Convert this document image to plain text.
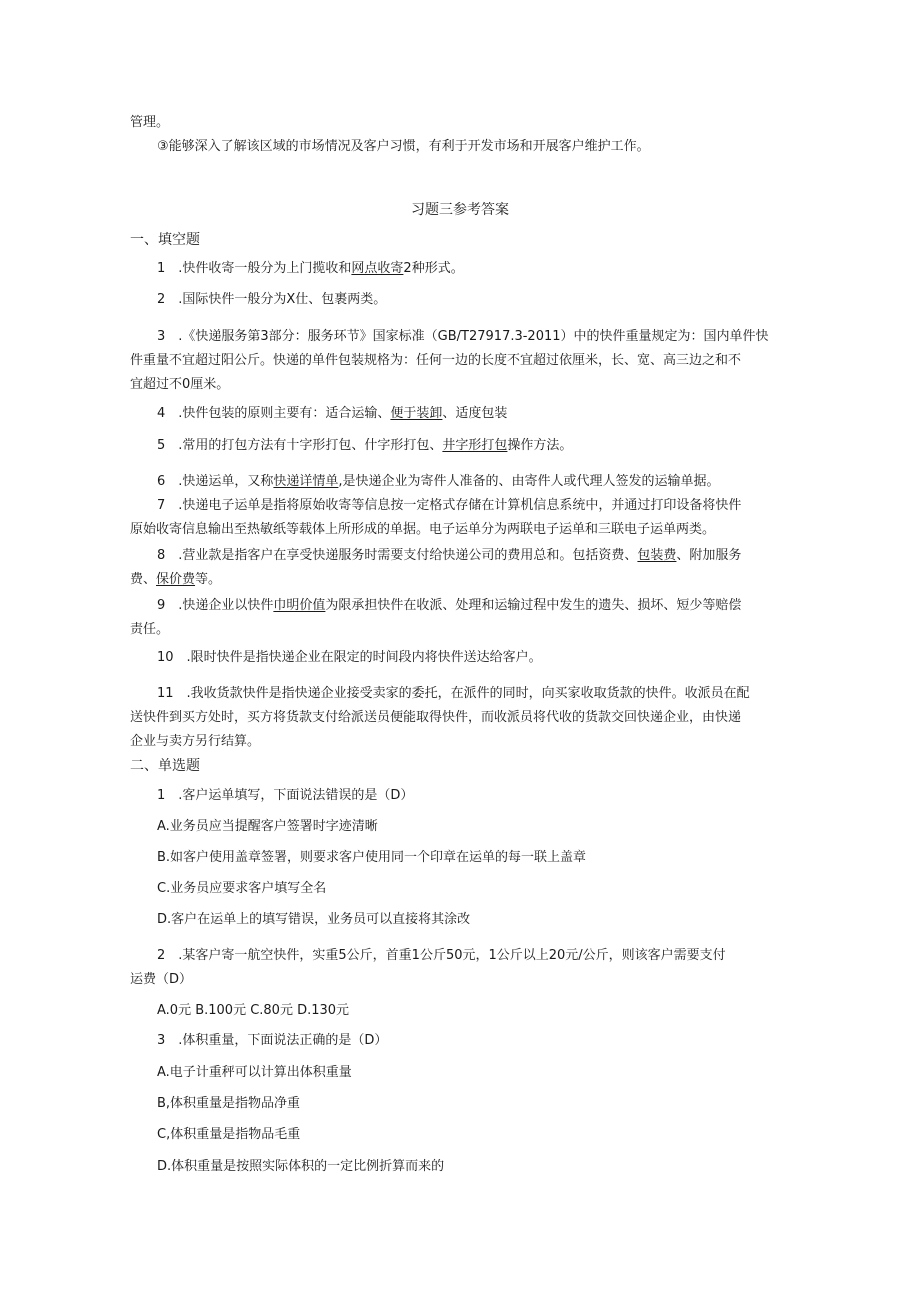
管理。
③能够深入了解该区域的市场情况及客户习惯，有利于开发市场和开展客户维护工作。
习题三参考答案
一、填空题
1　.快件收寄一般分为上门揽收和网点收寄2种形式。
2　.国际快件一般分为X仕、包裹两类。
3　.《快递服务第3部分：服务环节》国家标准（GB/T27917.3-2011）中的快件重量规定为：国内单件快
件重量不宜超过阳公斤。快递的单件包装规格为：任何一边的长度不宜超过依厘米，长、宽、高三边之和不
宜超过不0厘米。
4　.快件包装的原则主要有：适合运输、便于装卸、适度包装
5　.常用的打包方法有十字形打包、什字形打包、井字形打包操作方法。
6　.快递运单，又称快递详情单,是快递企业为寄件人准备的、由寄件人或代理人签发的运输单据。
7　.快递电子运单是指将原始收寄等信息按一定格式存储在计算机信息系统中，并通过打印设备将快件
原始收寄信息输出至热敏纸等载体上所形成的单据。电子运单分为两联电子运单和三联电子运单两类。
8　.营业款是指客户在享受快递服务时需要支付给快递公司的费用总和。包括资费、包装费、附加服务
费、保价费等。
9　.快递企业以快件巾明价值为限承担快件在收派、处理和运输过程中发生的遗失、损坏、短少等赔偿
责任。
10　.限时快件是指快递企业在限定的时间段内将快件送达给客户。
11　.我收货款快件是指快递企业接受卖家的委托，在派件的同时，向买家收取货款的快件。收派员在配
送快件到买方处时，买方将货款支付给派送员便能取得快件，而收派员将代收的货款交回快递企业，由快递
企业与卖方另行结算。
二、单选题
1　.客户运单填写，下面说法错误的是（D）
A.业务员应当提醒客户签署时字迹清晰
B.如客户使用盖章签署，则要求客户使用同一个印章在运单的每一联上盖章
C.业务员应要求客户填写全名
D.客户在运单上的填写错误，业务员可以直接将其涂改
2　.某客户寄一航空快件，实重5公斤，首重1公斤50元，1公斤以上20元/公斤，则该客户需要支付
运费（D）
A.0元 B.100元 C.80元 D.130元
3　.体积重量，下面说法正确的是（D）
A.电子计重秤可以计算出体积重量
B,体积重量是指物品净重
C,体积重量是指物品毛重
D.体积重量是按照实际体积的一定比例折算而来的
